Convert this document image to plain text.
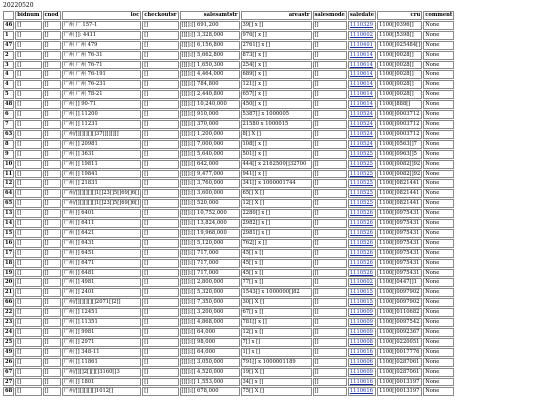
20220520
	bidnum	cnod	loc	checkoutsr	salesamtstr	areastr	salesmode	saledate	cru	comment
46	[]	[]	广州 广 157-1	[]	[][]:[] 691,200	39[] x []	[]	1110329	1100[]0396[]	None
1	[]	[]	广州 []: 4411	[]	[][]:[] 3,328,000	976[] x []	[]	1110602	1100[]5398[]	None
47	[]	[]	广州 广州 479	[]	[][]:[] 6,156,800	2761[] x []	[]	1110401	1100[]025484[]	None
2	[]	[]	广州 广州 76-31	[]	[][]:[] 5,662,800	873[] x []	[]	1110614	1100[]0028[]	None
3	[]	[]	广州 广州 76-71	[]	[][]:[] 1,650,300	254[] x []	[]	1110614	1100[]0028[]	None
4	[]	[]	广州 广州 76-191	[]	[][]:[] 4,464,000	689[] x []	[]	1110614	1100[]0028[]	None
4	[]	[]	广州 广州 76-231	[]	[][]:[] 784,800	121[] x []	[]	1110614	1100[]0028[]	None
5	[]	[]	广州 广州 78-21	[]	[][]:[] 2,440,800	657[] x []	[]	1110614	1100[]0028[]	None
48	[]	[]	广州 [] 90-71	[]	[][]:[] 10,240,000	450[] x []	[]	1110614	1100[]888[]	None
6	[]	[]	广州 [] 11200	[]	[][]:[] 910,000	5387[] x 1000005	[]	1110524	1100[]0003712	None
7	[]	[]	广州 [] 11231	[]	[][]:[] 370,000	21580 x 1000015	[]	1110524	1100[]0003712	None
63	[]	[]	广州/[][][][][]37[][][][]	[]	[][]:[] 1,200,000	8[] X []	[]	1110524	1100[]0003712	None
8	[]	[]	广州 [] 20981	[]	[][]:[] 7,000,000	108[] x []	[]	1110524	1100[]0563[]7	None
9	[]	[]	广州 [] 3631	[]	[][]:[] 5,640,000	501[] x []	[]	1110525	1100[]0963[]5	None
10	[]	[]	广州 [] 19811	[]	[][]:[] 642,000	444[] x 2162500[]32700	[]	1110525	1100[]0082[]92	None
11	[]	[]	广州 [] 19841	[]	[][]:[] 9,477,000	941[] x []	[]	1110525	1100[]0082[]92	None
12	[]	[]	广州 [] 21831	[]	[][]:[] 3,760,000	341[] x 1000001744	[]	1110525	1100[]0821441	None
64	[]	[]	广州/[][][][][]1[]23[]5[]69[]6[]	[]	[][]:[] 3,600,000	65[] X []	[]	1110525	1100[]0821441	None
65	[]	[]	广州/[][][][][]1[]23[]5[]69[]6[]	[]	[][]:[] 520,000	12[] X []	[]	1110525	1100[]0821441	None
13	[]	[]	广州 [] 6401	[]	[][]:[] 10,752,000	2280[] x []	[]	1110526	1100[]0975431	None
14	[]	[]	广州 [] 6411	[]	[][]:[] 13,824,000	2982[] x []	[]	1110526	1100[]0975431	None
15	[]	[]	广州 [] 6421	[]	[][]:[] 19,968,000	2981[] x []	[]	1110526	1100[]0975431	None
16	[]	[]	广州 [] 6431	[]	[][]:[] 5,120,000	762[] x []	[]	1110526	1100[]0975431	None
17	[]	[]	广州 [] 6451	[]	[][]:[] 717,000	45[] x []	[]	1110526	1100[]0975431	None
18	[]	[]	广州 [] 6471	[]	[][]:[] 717,000	45[] x []	[]	1110526	1100[]0975431	None
19	[]	[]	广州 [] 6481	[]	[][]:[] 717,000	45[] x []	[]	1110526	1100[]0975431	None
20	[]	[]	广州 [] 4981	[]	[][]:[] 2,800,000	77[] x []	[]	1110602	1100[]0447[]1	None
21	[]	[]	广州 [] 2401	[]	[][]:[] 5,320,000	1543[] x 1000000[]82	[]	1110615	1100[]0097902	None
66	[]	[]	广州/[][][][][]2071[]2[]	[]	[][]:[] 7,350,000	30[] X []	[]	1110615	1100[]0097902	None
22	[]	[]	广州 [] 12451	[]	[][]:[] 3,200,000	67[] x []	[]	1110609	1100[]0110682	None
23	[]	[]	广州 [] 11351	[]	[][]:[] 4,868,000	781[] x []	[]	1110609	1100[]0097542	None
24	[]	[]	广州 [] 9981	[]	[][]:[] 64,000	12[] x []	[]	1110609	1100[]0092367	None
25	[]	[]	广州 [] 2971	[]	[][]:[] 98,000	7[] x []	[]	1110608	1100[]0220051	None
49	[]	[]	广州 [] 348-11	[]	[][]:[] 64,000	1[] x []	[]	1110616	1100[]0017776	None
26	[]	[]	广州 [] 11861	[]	[][]:[] 3,050,000	791[] x 1000001189	[]	1110606	1100[]0287061	None
67	[]	[]	广州/[][]2[][][]3160[]3	[]	[][]:[] 4,520,000	19[] X []	[]	1110609	1100[]0287061	None
27	[]	[]	广州 [] 1801	[]	[][]:[] 1,553,000	34[] x []	[]	1110616	1100[]0013197	None
68	[]	[]	广州/[][][][][]1012[]	[]	[][]:[] 678,000	75[] X []	[]	1110616	1100[]0013197	None
